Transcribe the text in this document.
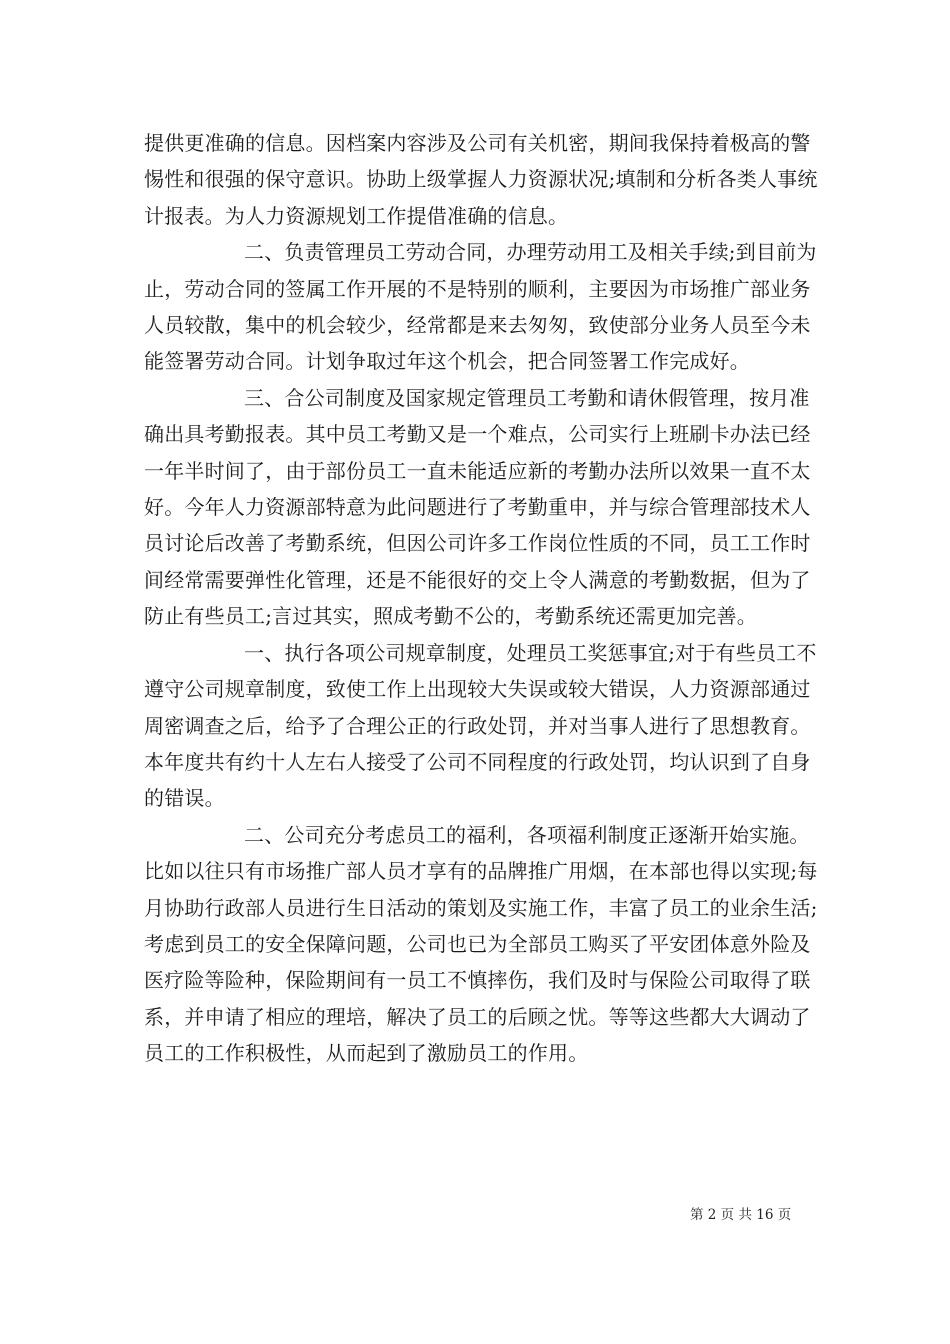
提供更准确的信息。因档案内容涉及公司有关机密，期间我保持着极高的警惕性和很强的保守意识。协助上级掌握人力资源状况;填制和分析各类人事统计报表。为人力资源规划工作提借准确的信息。

二、负责管理员工劳动合同，办理劳动用工及相关手续;到目前为止，劳动合同的签属工作开展的不是特别的顺利，主要因为市场推广部业务人员较散，集中的机会较少，经常都是来去匆匆，致使部分业务人员至今未能签署劳动合同。计划争取过年这个机会，把合同签署工作完成好。

三、合公司制度及国家规定管理员工考勤和请休假管理，按月准确出具考勤报表。其中员工考勤又是一个难点，公司实行上班刷卡办法已经一年半时间了，由于部份员工一直未能适应新的考勤办法所以效果一直不太好。今年人力资源部特意为此问题进行了考勤重申，并与综合管理部技术人员讨论后改善了考勤系统，但因公司许多工作岗位性质的不同，员工工作时间经常需要弹性化管理，还是不能很好的交上令人满意的考勤数据，但为了防止有些员工;言过其实，照成考勤不公的，考勤系统还需更加完善。

一、执行各项公司规章制度，处理员工奖惩事宜;对于有些员工不遵守公司规章制度，致使工作上出现较大失误或较大错误，人力资源部通过周密调查之后，给予了合理公正的行政处罚，并对当事人进行了思想教育。本年度共有约十人左右人接受了公司不同程度的行政处罚，均认识到了自身的错误。

二、公司充分考虑员工的福利，各项福利制度正逐渐开始实施。比如以往只有市场推广部人员才享有的品牌推广用烟，在本部也得以实现;每月协助行政部人员进行生日活动的策划及实施工作，丰富了员工的业余生活;考虑到员工的安全保障问题，公司也已为全部员工购买了平安团体意外险及医疗险等险种，保险期间有一员工不慎摔伤，我们及时与保险公司取得了联系，并申请了相应的理培，解决了员工的后顾之忧。等等这些都大大调动了员工的工作积极性，从而起到了激励员工的作用。

第 2 页 共 16 页
